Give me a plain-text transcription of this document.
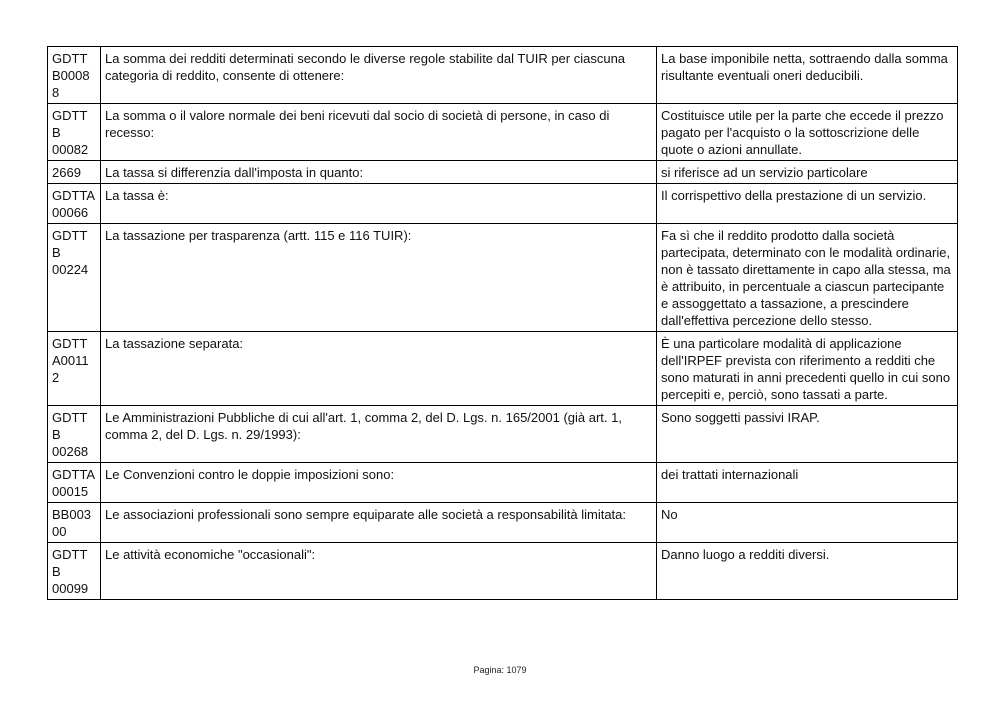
GDTT B0008 8	La somma dei redditi determinati secondo le diverse regole stabilite dal TUIR per ciascuna categoria di reddito, consente di ottenere:	La base imponibile netta, sottraendo dalla somma risultante eventuali oneri deducibili.
GDTTB 00082	La somma o il valore normale dei beni ricevuti dal socio di società di persone, in caso di recesso:	Costituisce utile per la parte che eccede il prezzo pagato per l'acquisto o la sottoscrizione delle quote o azioni annullate.
2669	La tassa si differenzia dall'imposta in quanto:	si riferisce ad un servizio particolare
GDTTA 00066	La tassa è:	Il corrispettivo della prestazione di un servizio.
GDTTB 00224	La tassazione per trasparenza (artt. 115 e 116 TUIR):	Fa sì che il reddito prodotto dalla società partecipata, determinato con le modalità ordinarie, non è tassato direttamente in capo alla stessa, ma è attribuito, in percentuale a ciascun partecipante e assoggettato a tassazione, a prescindere dall'effettiva percezione dello stesso.
GDTT A0011 2	La tassazione separata:	È una particolare modalità di applicazione dell'IRPEF prevista con riferimento a redditi che sono maturati in anni precedenti quello in cui sono percepiti e, perciò, sono tassati a parte.
GDTTB 00268	Le Amministrazioni Pubbliche di cui all'art. 1, comma 2, del D. Lgs. n. 165/2001 (già art. 1, comma 2, del D. Lgs. n. 29/1993):	Sono soggetti passivi IRAP.
GDTTA 00015	Le Convenzioni contro le doppie imposizioni sono:	dei trattati internazionali
BB003 00	Le associazioni professionali sono sempre equiparate alle società a responsabilità limitata:	No
GDTTB 00099	Le attività economiche "occasionali":	Danno luogo a redditi diversi.
Pagina: 1079
